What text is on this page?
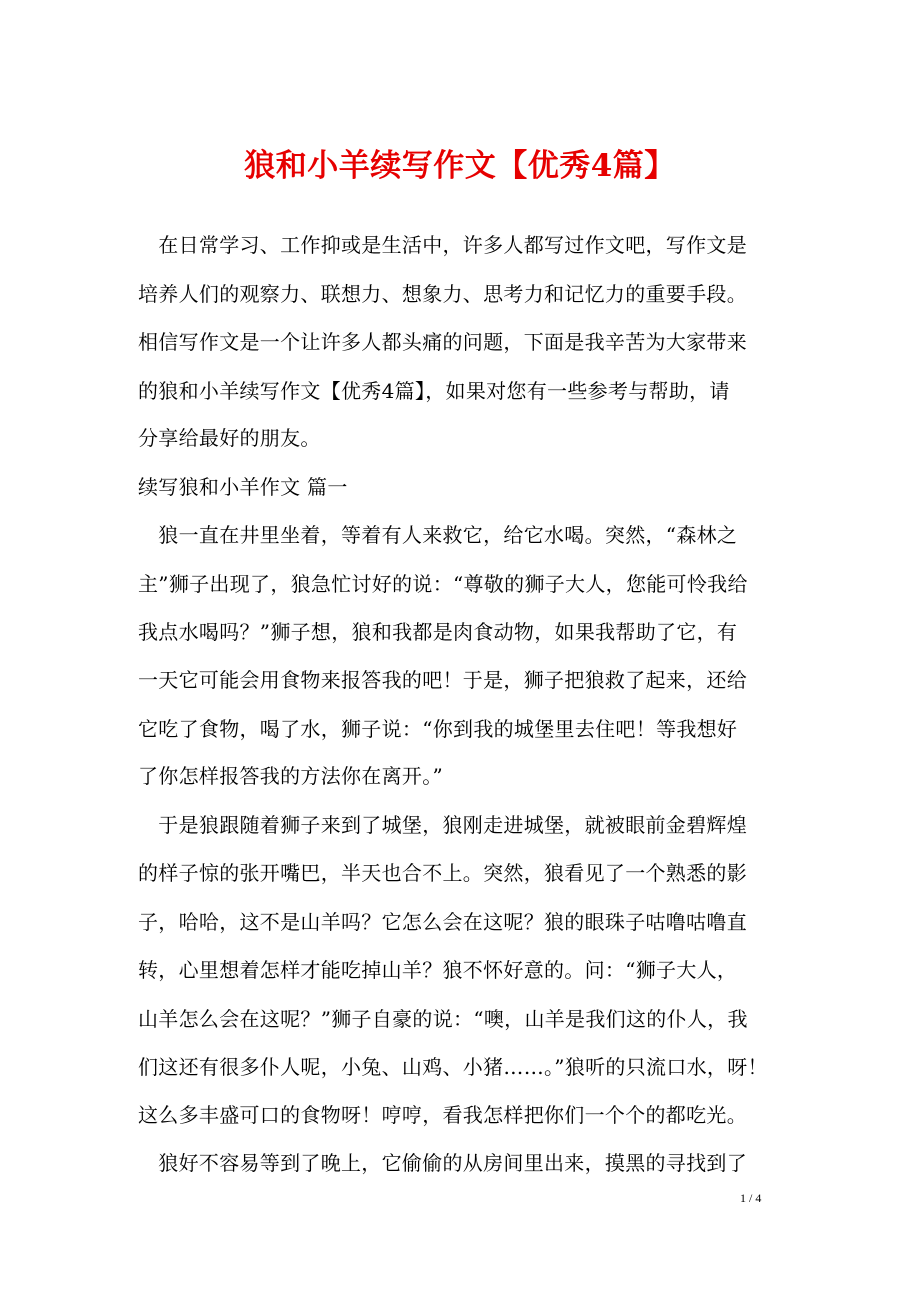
狼和小羊续写作文【优秀4篇】
　在日常学习、工作抑或是生活中，许多人都写过作文吧，写作文是
培养人们的观察力、联想力、想象力、思考力和记忆力的重要手段。
相信写作文是一个让许多人都头痛的问题，下面是我辛苦为大家带来
的狼和小羊续写作文【优秀4篇】，如果对您有一些参考与帮助，请
分享给最好的朋友。
续写狼和小羊作文 篇一
　狼一直在井里坐着，等着有人来救它，给它水喝。突然，“森林之
主”狮子出现了，狼急忙讨好的说：“尊敬的狮子大人，您能可怜我给
我点水喝吗？”狮子想，狼和我都是肉食动物，如果我帮助了它，有
一天它可能会用食物来报答我的吧！于是，狮子把狼救了起来，还给
它吃了食物，喝了水，狮子说：“你到我的城堡里去住吧！等我想好
了你怎样报答我的方法你在离开。”
　于是狼跟随着狮子来到了城堡，狼刚走进城堡，就被眼前金碧辉煌
的样子惊的张开嘴巴，半天也合不上。突然，狼看见了一个熟悉的影
子，哈哈，这不是山羊吗？它怎么会在这呢？狼的眼珠子咕噜咕噜直
转，心里想着怎样才能吃掉山羊？狼不怀好意的。问：“狮子大人，
山羊怎么会在这呢？”狮子自豪的说：“噢，山羊是我们这的仆人，我
们这还有很多仆人呢，小兔、山鸡、小猪……。”狼听的只流口水，呀！
这么多丰盛可口的食物呀！哼哼，看我怎样把你们一个个的都吃光。
　狼好不容易等到了晚上，它偷偷的从房间里出来，摸黑的寻找到了
1 / 4
